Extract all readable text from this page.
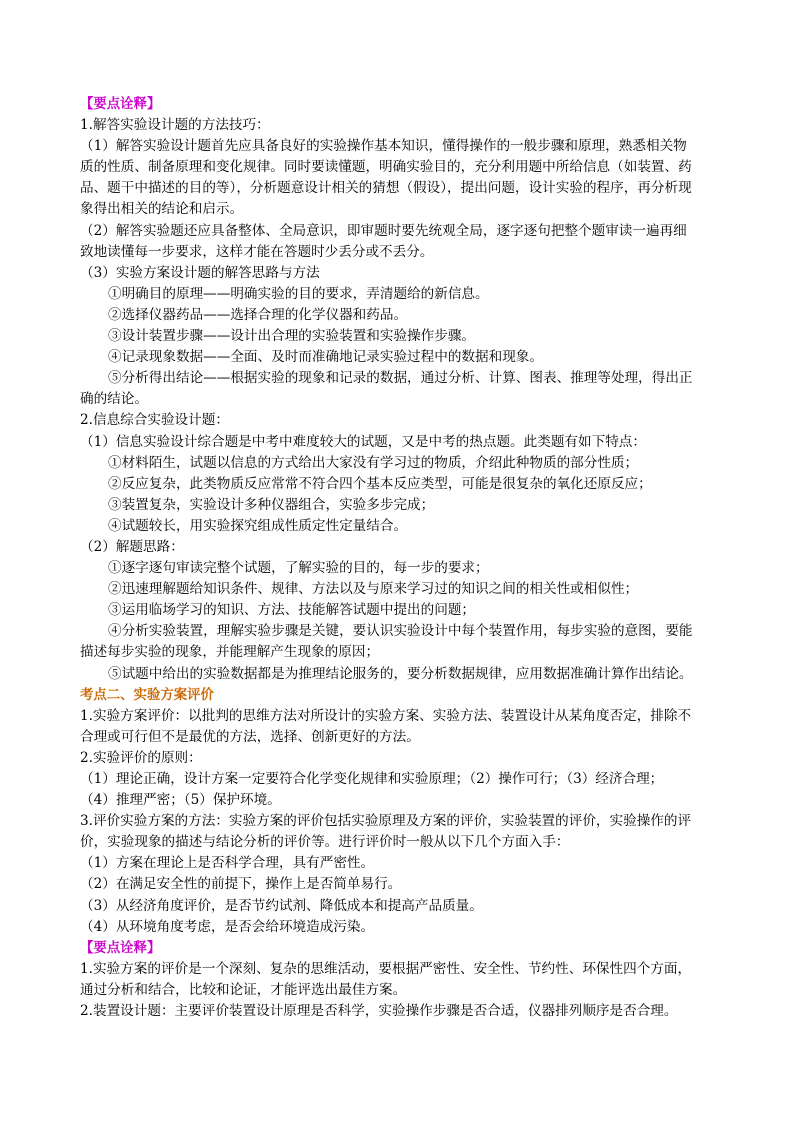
【要点诠释】
1.解答实验设计题的方法技巧：
（1）解答实验设计题首先应具备良好的实验操作基本知识，懂得操作的一般步骤和原理，熟悉相关物
质的性质、制备原理和变化规律。同时要读懂题，明确实验目的，充分利用题中所给信息（如装置、药
品、题干中描述的目的等），分析题意设计相关的猜想（假设），提出问题，设计实验的程序，再分析现
象得出相关的结论和启示。
（2）解答实验题还应具备整体、全局意识，即审题时要先统观全局，逐字逐句把整个题审读一遍再细
致地读懂每一步要求，这样才能在答题时少丢分或不丢分。
（3）实验方案设计题的解答思路与方法
①明确目的原理——明确实验的目的要求，弄清题给的新信息。
②选择仪器药品——选择合理的化学仪器和药品。
③设计装置步骤——设计出合理的实验装置和实验操作步骤。
④记录现象数据——全面、及时而准确地记录实验过程中的数据和现象。
⑤分析得出结论——根据实验的现象和记录的数据，通过分析、计算、图表、推理等处理，得出正
确的结论。
2.信息综合实验设计题：
（1）信息实验设计综合题是中考中难度较大的试题，又是中考的热点题。此类题有如下特点：
①材料陌生，试题以信息的方式给出大家没有学习过的物质，介绍此种物质的部分性质；
②反应复杂，此类物质反应常常不符合四个基本反应类型，可能是很复杂的氧化还原反应；
③装置复杂，实验设计多种仪器组合，实验多步完成；
④试题较长，用实验探究组成性质定性定量结合。
（2）解题思路：
①逐字逐句审读完整个试题，了解实验的目的，每一步的要求；
②迅速理解题给知识条件、规律、方法以及与原来学习过的知识之间的相关性或相似性；
③运用临场学习的知识、方法、技能解答试题中提出的问题；
④分析实验装置，理解实验步骤是关键，要认识实验设计中每个装置作用，每步实验的意图，要能
描述每步实验的现象，并能理解产生现象的原因；
⑤试题中给出的实验数据都是为推理结论服务的，要分析数据规律，应用数据准确计算作出结论。
考点二、实验方案评价
1.实验方案评价：以批判的思维方法对所设计的实验方案、实验方法、装置设计从某角度否定，排除不
合理或可行但不是最优的方法，选择、创新更好的方法。
2.实验评价的原则：
（1）理论正确，设计方案一定要符合化学变化规律和实验原理；（2）操作可行；（3）经济合理；
（4）推理严密；（5）保护环境。
3.评价实验方案的方法：实验方案的评价包括实验原理及方案的评价，实验装置的评价，实验操作的评
价，实验现象的描述与结论分析的评价等。进行评价时一般从以下几个方面入手：
（1）方案在理论上是否科学合理，具有严密性。
（2）在满足安全性的前提下，操作上是否简单易行。
（3）从经济角度评价，是否节约试剂、降低成本和提高产品质量。
（4）从环境角度考虑，是否会给环境造成污染。
【要点诠释】
1.实验方案的评价是一个深刻、复杂的思维活动，要根据严密性、安全性、节约性、环保性四个方面，
通过分析和结合，比较和论证，才能评选出最佳方案。
2.装置设计题：主要评价装置设计原理是否科学，实验操作步骤是否合适，仪器排列顺序是否合理。
